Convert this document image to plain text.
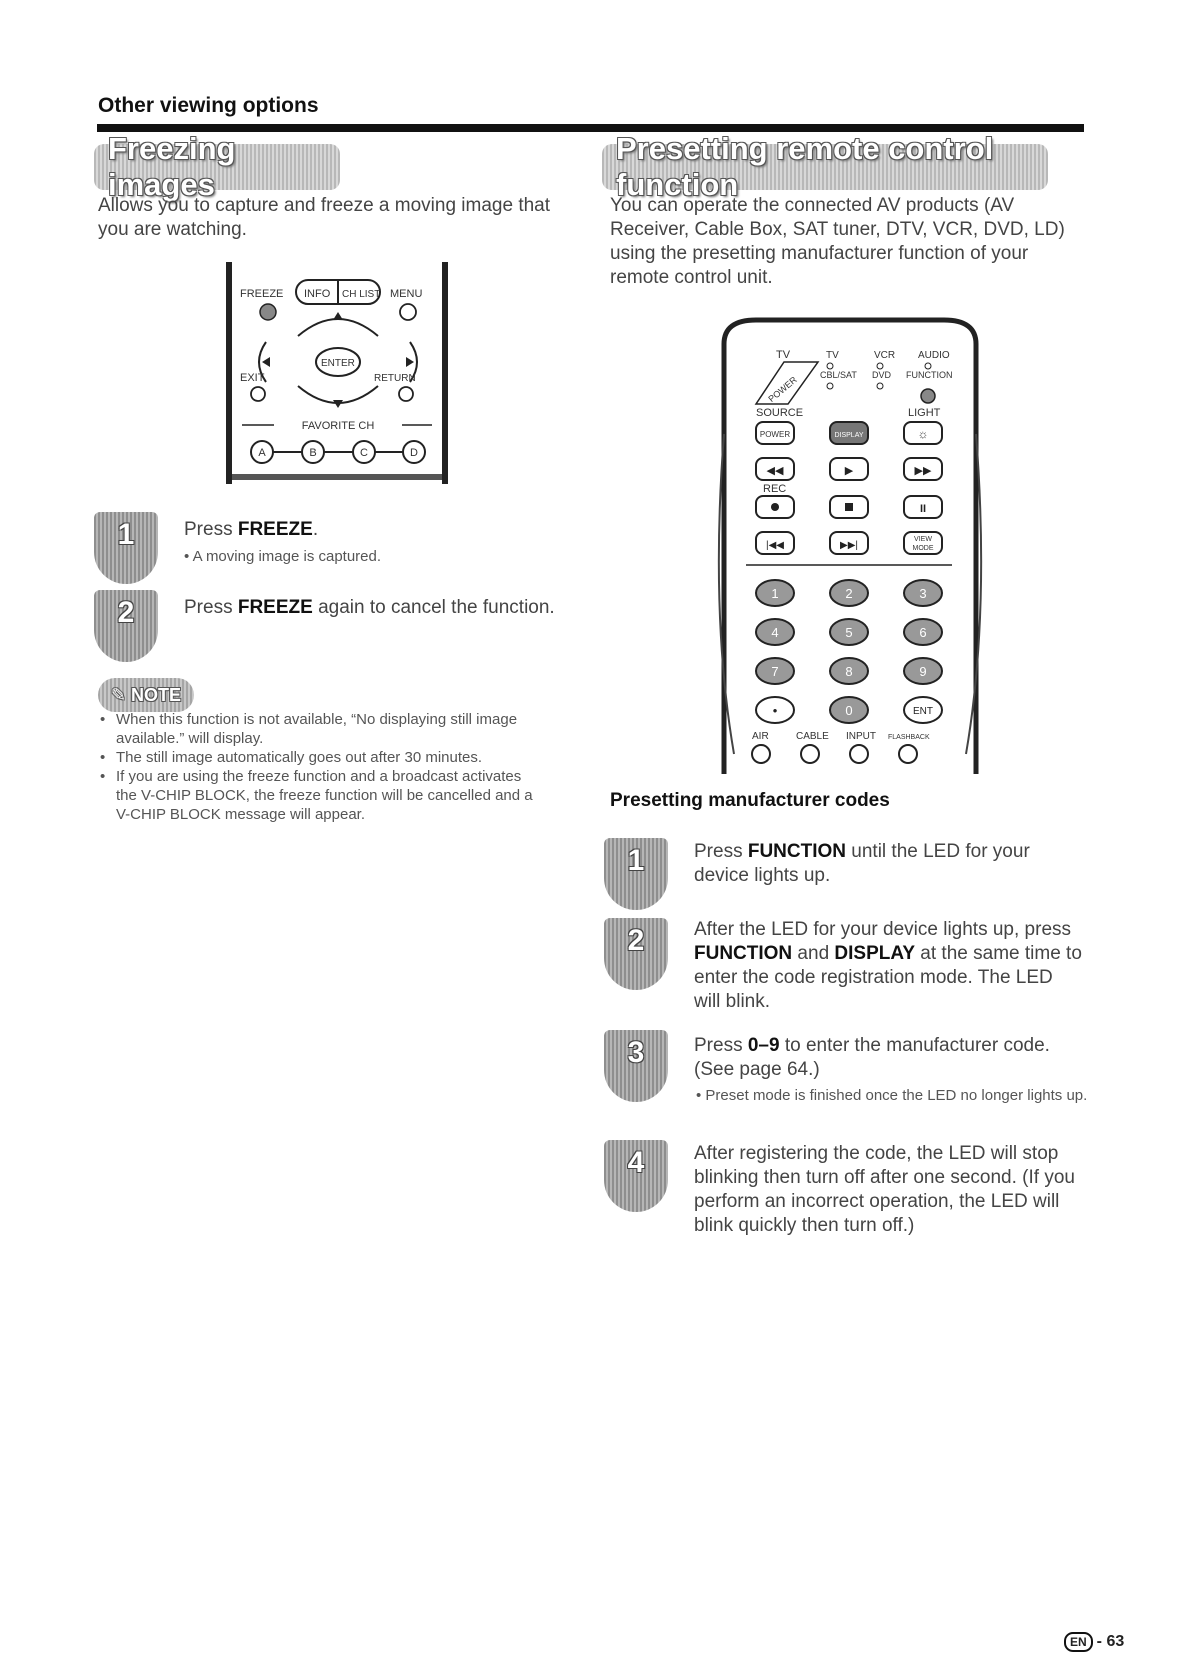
Other viewing options
Freezing images
Allows you to capture and freeze a moving image that you are watching.
FREEZE INFO CH LIST MENU
ENTER
EXIT	RETURN
FAVORITE CH
A	B	C	D
1	Press FREEZE.
• A moving image is captured.
2	Press FREEZE again to cancel the function.
✎ NOTE
• When this function is not available, “No displaying still image available.” will display.
• The still image automatically goes out after 30 minutes.
• If you are using the freeze function and a broadcast activates the V-CHIP BLOCK, the freeze function will be cancelled and a V-CHIP BLOCK message will appear.
Presetting remote control function
You can operate the connected AV products (AV Receiver, Cable Box, SAT tuner, DTV, VCR, DVD, LD) using the presetting manufacturer function of your remote control unit.
TV	TV	VCR AUDIO
POWER CBL/SAT DVD FUNCTION
SOURCE	LIGHT
POWER	DISPLAY	☼
◀◀	▶	▶▶
REC
II
|◀◀	▶▶|
VIEW
MODE
1	2	3
4	5	6
7	8	9
•	0	ENT
AIR	CABLE INPUT FLASHBACK
Presetting manufacturer codes
1	Press FUNCTION until the LED for your device lights up.
2	After the LED for your device lights up, press FUNCTION and DISPLAY at the same time to enter the code registration mode. The LED will blink.
3	Press 0–9 to enter the manufacturer code. (See page 64.)
• Preset mode is finished once the LED no longer lights up.
4	After registering the code, the LED will stop blinking then turn off after one second. (If you perform an incorrect operation, the LED will blink quickly then turn off.)
EN - 63
